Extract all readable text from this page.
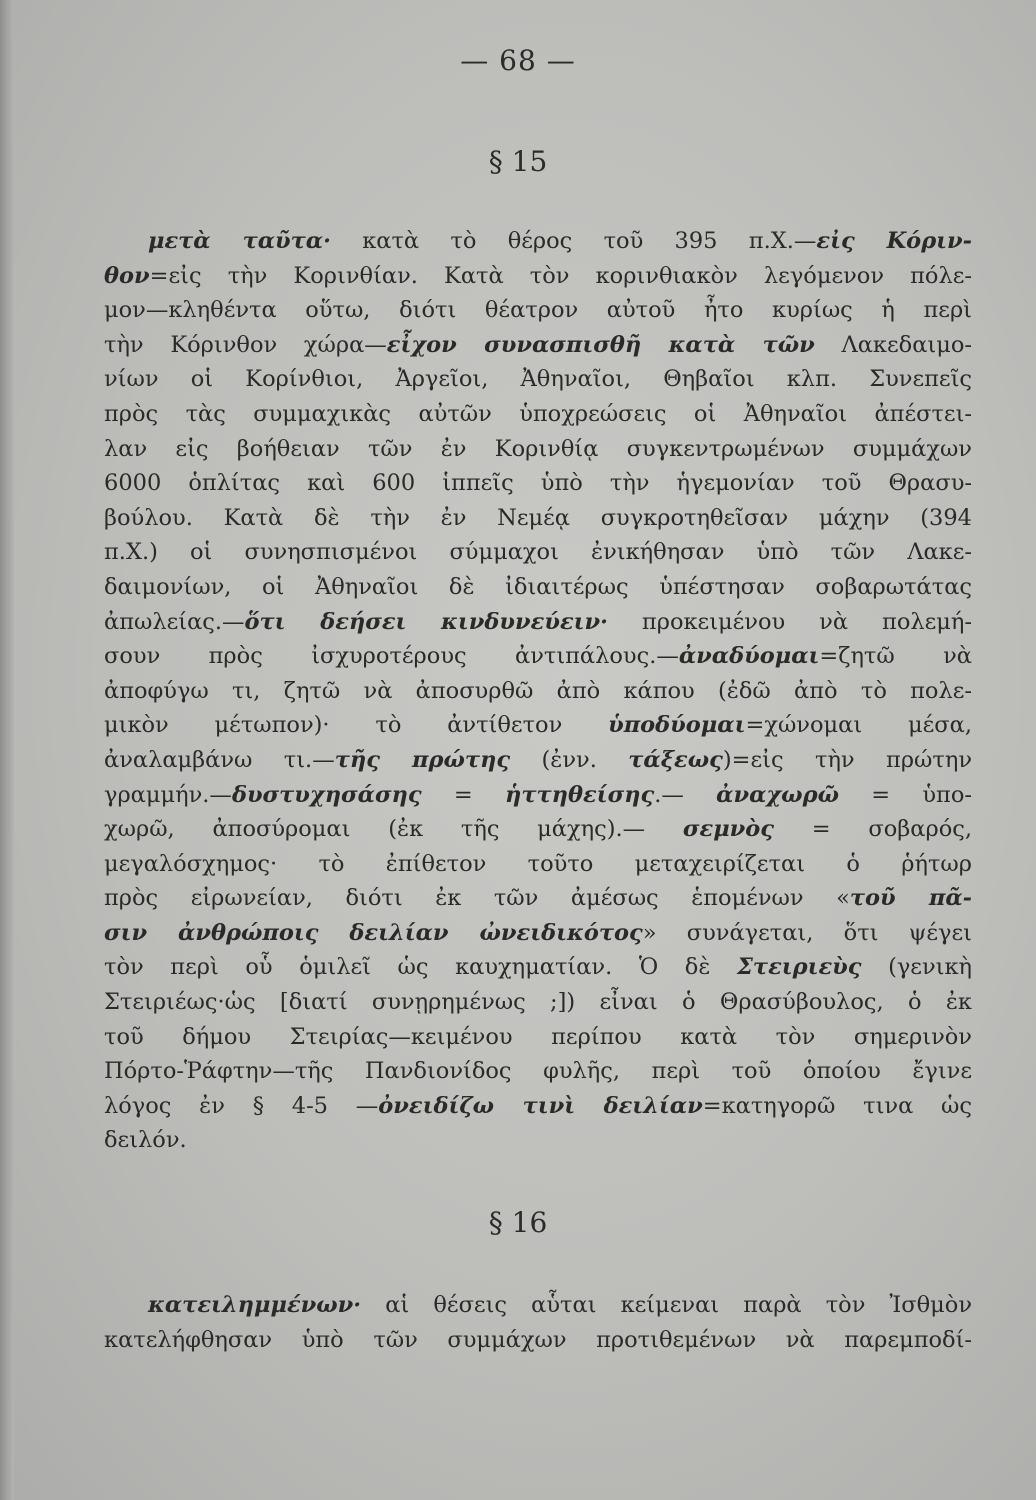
— 68 —
§ 15
μετὰ ταῦτα· κατὰ τὸ θέρος τοῦ 395 π.Χ.—εἰς Κόριν-
θον=εἰς τὴν Κορινθίαν. Κατὰ τὸν κορινθιακὸν λεγόμενον πόλε-
μον—κληθέντα οὕτω, διότι θέατρον αὐτοῦ ἦτο κυρίως ἡ περὶ
τὴν Κόρινθον χώρα—εἶχον συνασπισθῆ κατὰ τῶν Λακεδαιμο-
νίων οἱ Κορίνθιοι, Ἀργεῖοι, Ἀθηναῖοι, Θηβαῖοι κλπ. Συνεπεῖς
πρὸς τὰς συμμαχικὰς αὐτῶν ὑποχρεώσεις οἱ Ἀθηναῖοι ἀπέστει-
λαν εἰς βοήθειαν τῶν ἐν Κορινθίᾳ συγκεντρωμένων συμμάχων
6000 ὁπλίτας καὶ 600 ἱππεῖς ὑπὸ τὴν ἡγεμονίαν τοῦ Θρασυ-
βούλου. Κατὰ δὲ τὴν ἐν Νεμέᾳ συγκροτηθεῖσαν μάχην (394
π.Χ.) οἱ συνησπισμένοι σύμμαχοι ἐνικήθησαν ὑπὸ τῶν Λακε-
δαιμονίων, οἱ Ἀθηναῖοι δὲ ἰδιαιτέρως ὑπέστησαν σοβαρωτάτας
ἀπωλείας.—ὅτι δεήσει κινδυνεύειν· προκειμένου νὰ πολεμή-
σουν πρὸς ἰσχυροτέρους ἀντιπάλους.—ἀναδύομαι=ζητῶ νὰ
ἀποφύγω τι, ζητῶ νὰ ἀποσυρθῶ ἀπὸ κάπου (ἐδῶ ἀπὸ τὸ πολε-
μικὸν μέτωπον)· τὸ ἀντίθετον ὑποδύομαι=χώνομαι μέσα,
ἀναλαμβάνω τι.—τῆς πρώτης (ἐνν. τάξεως)=εἰς τὴν πρώτην
γραμμήν.—δυστυχησάσης = ἡττηθείσης.— ἀναχωρῶ = ὑπο-
χωρῶ, ἀποσύρομαι (ἐκ τῆς μάχης).— σεμνὸς = σοβαρός,
μεγαλόσχημος· τὸ ἐπίθετον τοῦτο μεταχειρίζεται ὁ ῥήτωρ
πρὸς εἰρωνείαν, διότι ἐκ τῶν ἀμέσως ἑπομένων «τοῦ πᾶ-
σιν ἀνθρώποις δειλίαν ὠνειδικότος» συνάγεται, ὅτι ψέγει
τὸν περὶ οὗ ὁμιλεῖ ὡς καυχηματίαν. Ὁ δὲ Στειριεὺς (γενικὴ
Στειριέως·ὡς [διατί συνῃρημένως ;]) εἶναι ὁ Θρασύβουλος, ὁ ἐκ
τοῦ δήμου Στειρίας—κειμένου περίπου κατὰ τὸν σημερινὸν
Πόρτο-Ῥάφτην—τῆς Πανδιονίδος φυλῆς, περὶ τοῦ ὁποίου ἔγινε
λόγος ἐν § 4-5 —ὀνειδίζω τινὶ δειλίαν=κατηγορῶ τινα ὡς
δειλόν.
§ 16
κατειλημμένων· αἱ θέσεις αὗται κείμεναι παρὰ τὸν Ἰσθμὸν
κατελήφθησαν ὑπὸ τῶν συμμάχων προτιθεμένων νὰ παρεμποδί-
